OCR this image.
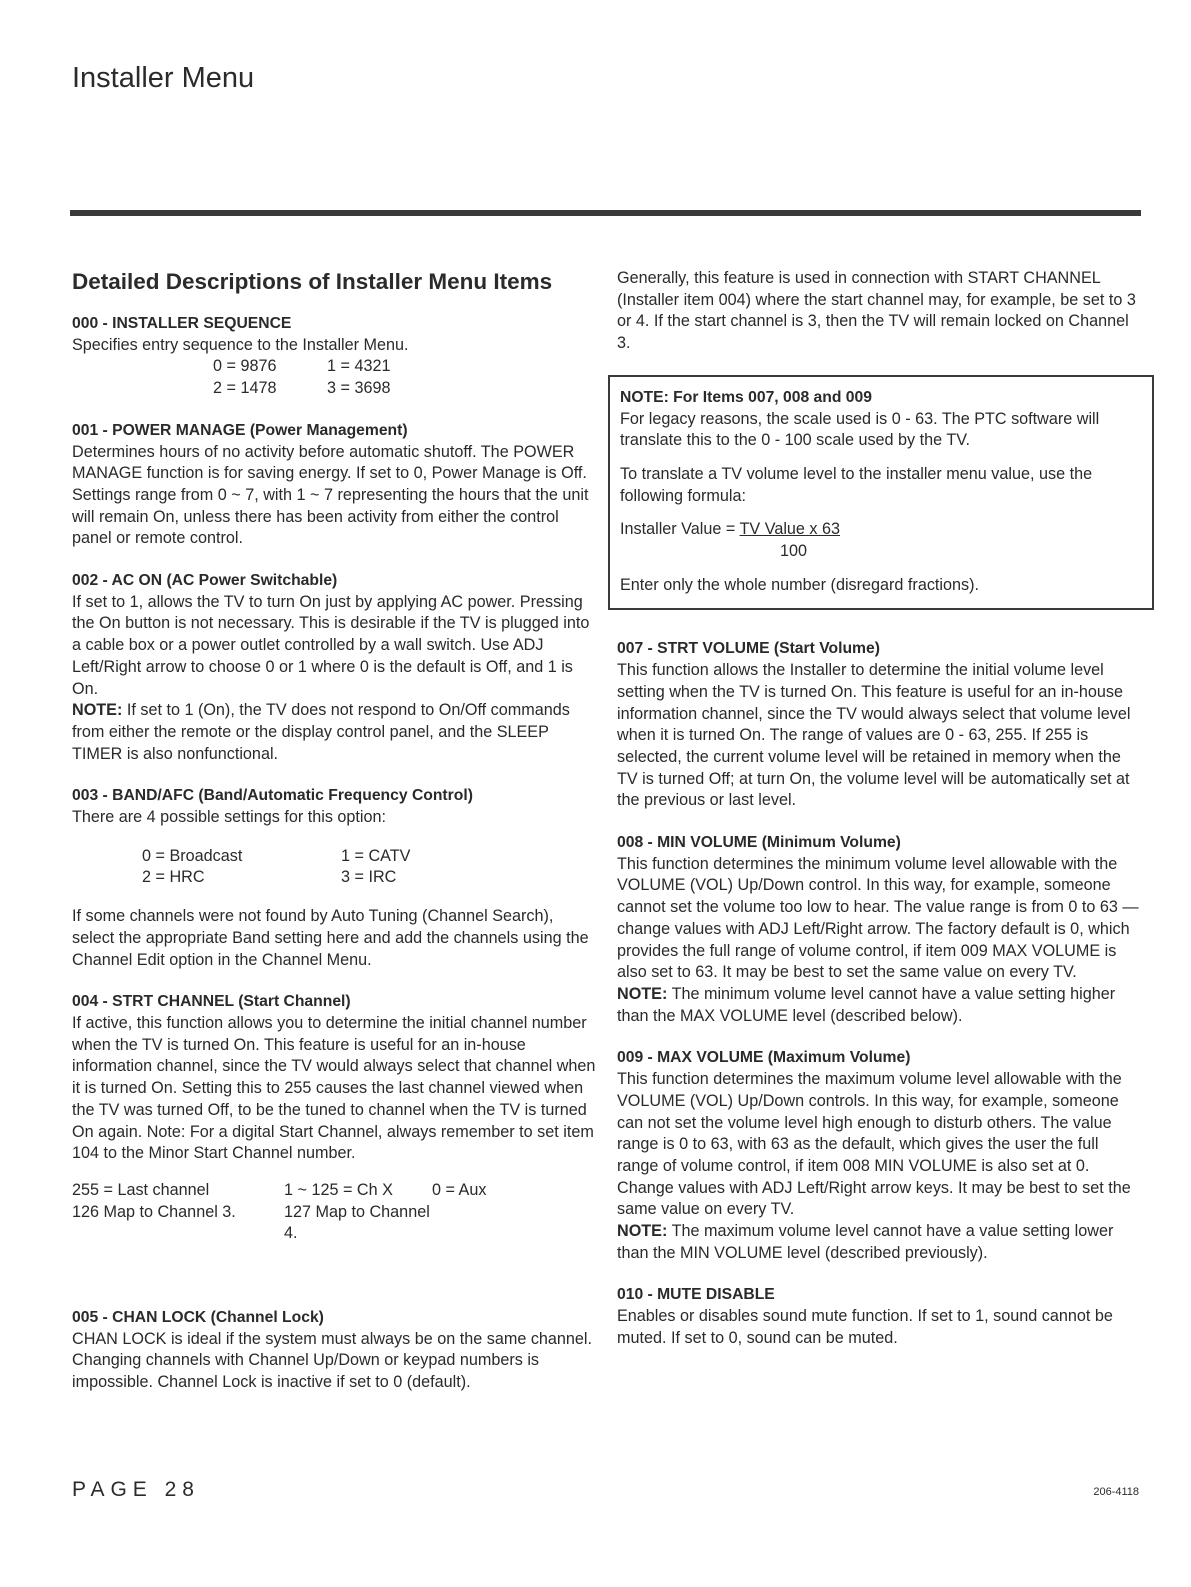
Installer Menu
Detailed Descriptions of Installer Menu Items

000 - INSTALLER SEQUENCE

Specifies entry sequence to the Installer Menu.

0 = 9876	1 = 4321
2 = 1478	3 = 3698

001 - POWER MANAGE (Power Management)

Determines hours of no activity before automatic shutoff. The POWER MANAGE function is for saving energy. If set to 0, Power Manage is Off. Settings range from 0 ~ 7, with 1 ~ 7 representing the hours that the unit will remain On, unless there has been activity from either the control panel or remote control.

002 - AC ON (AC Power Switchable)

If set to 1, allows the TV to turn On just by applying AC power. Pressing the On button is not necessary. This is desirable if the TV is plugged into a cable box or a power outlet controlled by a wall switch. Use ADJ Left/Right arrow to choose 0 or 1 where 0 is the default is Off, and 1 is On.

NOTE: If set to 1 (On), the TV does not respond to On/Off commands from either the remote or the display control panel, and the SLEEP TIMER is also nonfunctional.

003 - BAND/AFC (Band/Automatic Frequency Control)

There are 4 possible settings for this option:

0 = Broadcast	1 = CATV
2 = HRC	3 = IRC

If some channels were not found by Auto Tuning (Channel Search), select the appropriate Band setting here and add the channels using the Channel Edit option in the Channel Menu.

004 - STRT CHANNEL (Start Channel)

If active, this function allows you to determine the initial channel number when the TV is turned On. This feature is useful for an in-house information channel, since the TV would always select that channel when it is turned On. Setting this to 255 causes the last channel viewed when the TV was turned Off, to be the tuned to channel when the TV is turned On again. Note: For a digital Start Channel, always remember to set item 104 to the Minor Start Channel number.

255 = Last channel	1 ~ 125 = Ch X	0 = Aux
126 Map to Channel 3.	127 Map to Channel 4.

005 - CHAN LOCK (Channel Lock)

CHAN LOCK is ideal if the system must always be on the same channel. Changing channels with Channel Up/Down or keypad numbers is impossible. Channel Lock is inactive if set to 0 (default).

Generally, this feature is used in connection with START CHANNEL (Installer item 004) where the start channel may, for example, be set to 3 or 4. If the start channel is 3, then the TV will remain locked on Channel 3.

NOTE: For Items 007, 008 and 009

For legacy reasons, the scale used is 0 - 63. The PTC software will translate this to the 0 - 100 scale used by the TV.

To translate a TV volume level to the installer menu value, use the following formula:

Installer Value = TV Value x 63

100

Enter only the whole number (disregard fractions).

007 - STRT VOLUME (Start Volume)

This function allows the Installer to determine the initial volume level setting when the TV is turned On. This feature is useful for an in-house information channel, since the TV would always select that volume level when it is turned On. The range of values are 0 - 63, 255. If 255 is selected, the current volume level will be retained in memory when the TV is turned Off; at turn On, the volume level will be automatically set at the previous or last level.

008 - MIN VOLUME (Minimum Volume)

This function determines the minimum volume level allowable with the VOLUME (VOL) Up/Down control. In this way, for example, someone cannot set the volume too low to hear. The value range is from 0 to 63 — change values with ADJ Left/Right arrow. The factory default is 0, which provides the full range of volume control, if item 009 MAX VOLUME is also set to 63. It may be best to set the same value on every TV.

NOTE: The minimum volume level cannot have a value setting higher than the MAX VOLUME level (described below).

009 - MAX VOLUME (Maximum Volume)

This function determines the maximum volume level allowable with the VOLUME (VOL) Up/Down controls. In this way, for example, someone can not set the volume level high enough to disturb others. The value range is 0 to 63, with 63 as the default, which gives the user the full range of volume control, if item 008 MIN VOLUME is also set at 0. Change values with ADJ Left/Right arrow keys. It may be best to set the same value on every TV.

NOTE: The maximum volume level cannot have a value setting lower than the MIN VOLUME level (described previously).

010 - MUTE DISABLE

Enables or disables sound mute function. If set to 1, sound cannot be muted. If set to 0, sound can be muted.

PAGE 28	206-4118
